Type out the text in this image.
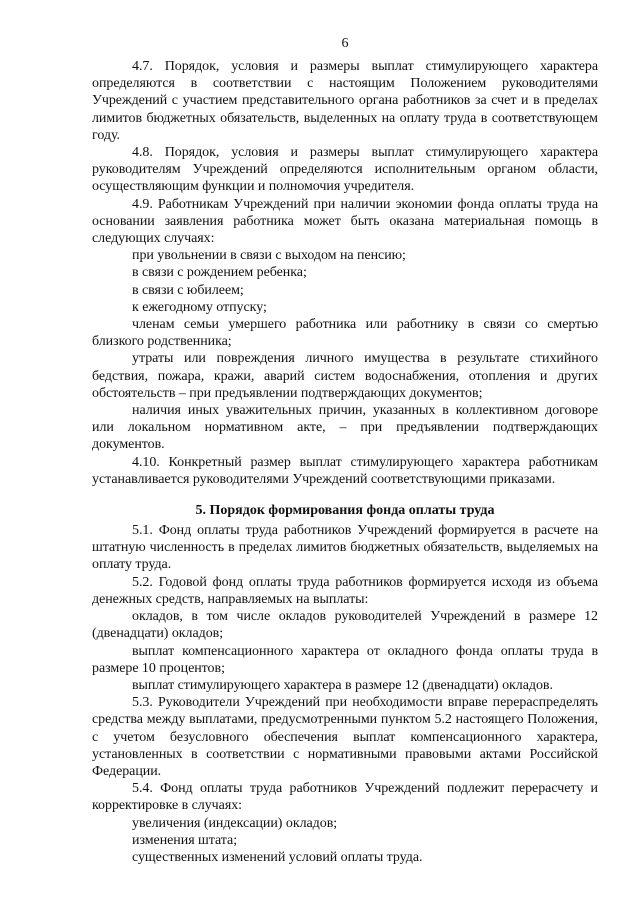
6

4.7. Порядок, условия и размеры выплат стимулирующего характера определяются в соответствии с настоящим Положением руководителями Учреждений с участием представительного органа работников за счет и в пределах лимитов бюджетных обязательств, выделенных на оплату труда в соответствующем году.

4.8. Порядок, условия и размеры выплат стимулирующего характера руководителям Учреждений определяются исполнительным органом области, осуществляющим функции и полномочия учредителя.

4.9. Работникам Учреждений при наличии экономии фонда оплаты труда на основании заявления работника может быть оказана материальная помощь в следующих случаях:

при увольнении в связи с выходом на пенсию;

в связи с рождением ребенка;

в связи с юбилеем;

к ежегодному отпуску;

членам семьи умершего работника или работнику в связи со смертью близкого родственника;

утраты или повреждения личного имущества в результате стихийного бедствия, пожара, кражи, аварий систем водоснабжения, отопления и других обстоятельств – при предъявлении подтверждающих документов;

наличия иных уважительных причин, указанных в коллективном договоре или локальном нормативном акте, – при предъявлении подтверждающих документов.

4.10. Конкретный размер выплат стимулирующего характера работникам устанавливается руководителями Учреждений соответствующими приказами.

5. Порядок формирования фонда оплаты труда

5.1. Фонд оплаты труда работников Учреждений формируется в расчете на штатную численность в пределах лимитов бюджетных обязательств, выделяемых на оплату труда.

5.2. Годовой фонд оплаты труда работников формируется исходя из объема денежных средств, направляемых на выплаты:

окладов, в том числе окладов руководителей Учреждений в размере 12 (двенадцати) окладов;

выплат компенсационного характера от окладного фонда оплаты труда в размере 10 процентов;

выплат стимулирующего характера в размере 12 (двенадцати) окладов.

5.3. Руководители Учреждений при необходимости вправе перераспределять средства между выплатами, предусмотренными пунктом 5.2 настоящего Положения, с учетом безусловного обеспечения выплат компенсационного характера, установленных в соответствии с нормативными правовыми актами Российской Федерации.

5.4. Фонд оплаты труда работников Учреждений подлежит перерасчету и корректировке в случаях:

увеличения (индексации) окладов;

изменения штата;

существенных изменений условий оплаты труда.
